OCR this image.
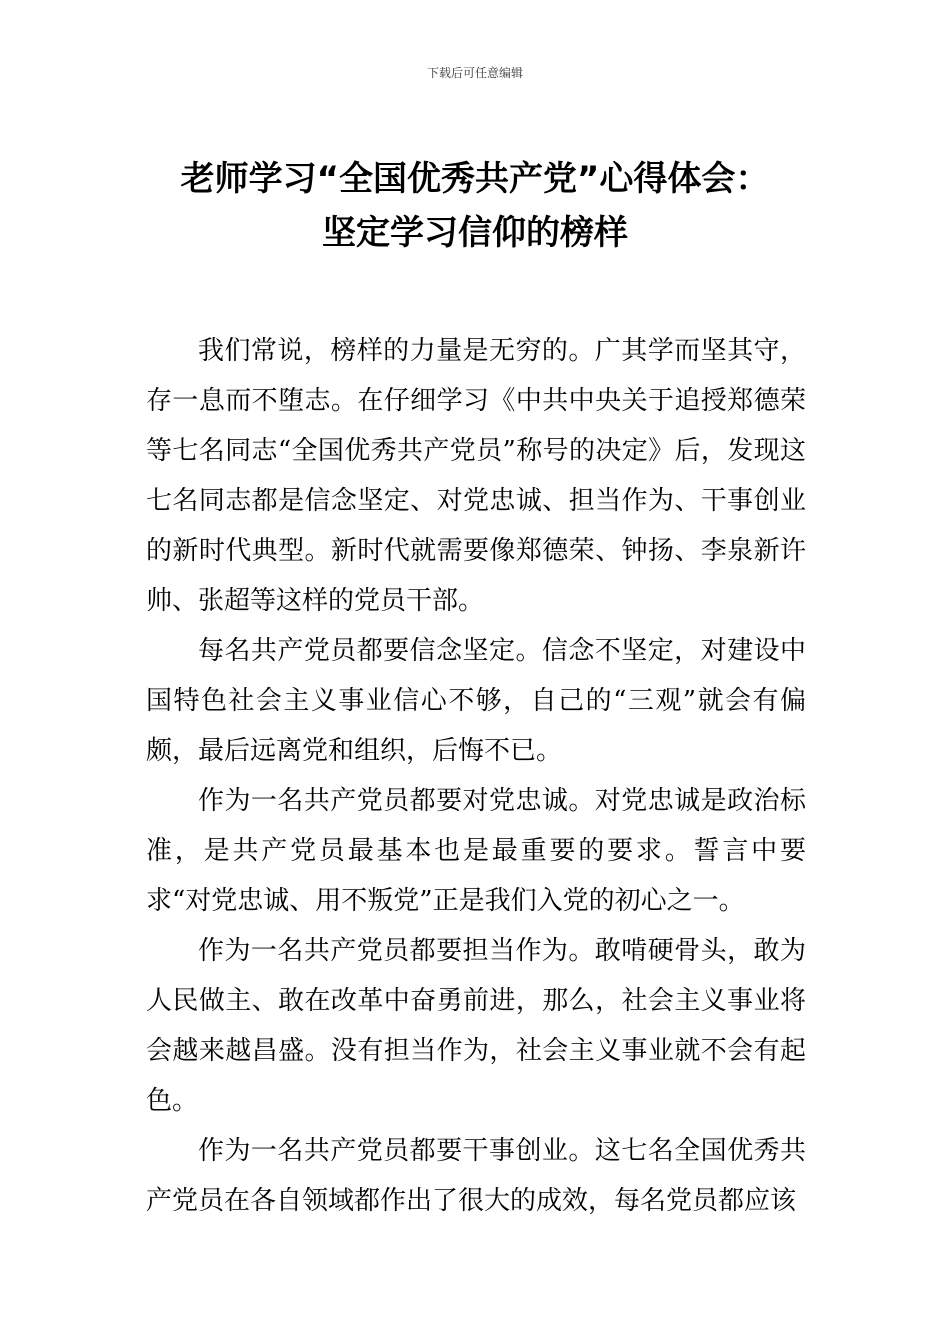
下载后可任意编辑
老师学习“全国优秀共产党”心得体会：
坚定学习信仰的榜样

我们常说，榜样的力量是无穷的。广其学而坚其守，存一息而不堕志。在仔细学习《中共中央关于追授郑德荣等七名同志“全国优秀共产党员”称号的决定》后，发现这七名同志都是信念坚定、对党忠诚、担当作为、干事创业的新时代典型。新时代就需要像郑德荣、钟扬、李泉新许帅、张超等这样的党员干部。

每名共产党员都要信念坚定。信念不坚定，对建设中国特色社会主义事业信心不够，自己的“三观”就会有偏颇，最后远离党和组织，后悔不已。

作为一名共产党员都要对党忠诚。对党忠诚是政治标准，是共产党员最基本也是最重要的要求。誓言中要求“对党忠诚、用不叛党”正是我们入党的初心之一。

作为一名共产党员都要担当作为。敢啃硬骨头，敢为人民做主、敢在改革中奋勇前进，那么，社会主义事业将会越来越昌盛。没有担当作为，社会主义事业就不会有起色。

作为一名共产党员都要干事创业。这七名全国优秀共产党员在各自领域都作出了很大的成效，每名党员都应该
